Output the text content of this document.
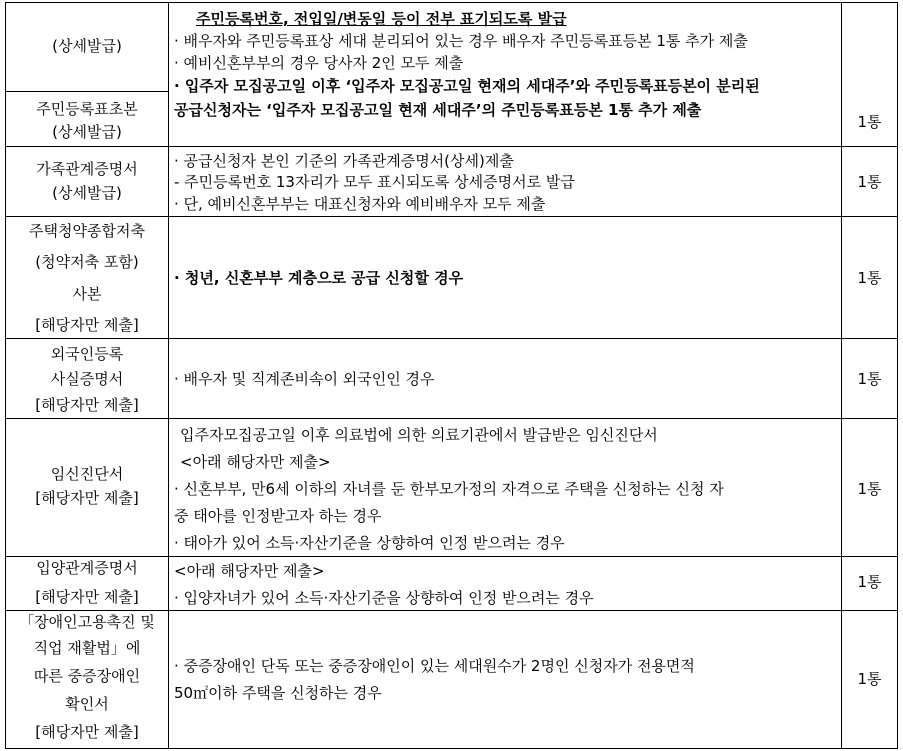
(상세발급)
주민등록번호, 전입일/변동일 등이 전부 표기되도록 발급
· 배우자와 주민등록표상 세대 분리되어 있는 경우 배우자 주민등록표등본 1통 추가 제출
· 예비신혼부부의 경우 당사자 2인 모두 제출
· 입주자 모집공고일 이후 ‘입주자 모집공고일 현재의 세대주’와 주민등록표등본이 분리된
공급신청자는 ‘입주자 모집공고일 현재 세대주’의 주민등록표등본 1통 추가 제출
주민등록표초본
(상세발급)
1통
가족관계증명서
(상세발급)
· 공급신청자 본인 기준의 가족관계증명서(상세)제출
- 주민등록번호 13자리가 모두 표시되도록 상세증명서로 발급
· 단, 예비신혼부부는 대표신청자와 예비배우자 모두 제출
1통
주택청약종합저축
(청약저축 포함)
사본
[해당자만 제출]
· 청년, 신혼부부 계층으로 공급 신청할 경우	1통
외국인등록
사실증명서
[해당자만 제출]
· 배우자 및 직계존비속이 외국인인 경우	1통
임신진단서
[해당자만 제출]
입주자모집공고일 이후 의료법에 의한 의료기관에서 발급받은 임신진단서
<아래 해당자만 제출>
· 신혼부부, 만6세 이하의 자녀를 둔 한부모가정의 자격으로 주택을 신청하는 신청 자
중 태아를 인정받고자 하는 경우
· 태아가 있어 소득·자산기준을 상향하여 인정 받으려는 경우
1통
입양관계증명서
[해당자만 제출]
<아래 해당자만 제출>
· 입양자녀가 있어 소득·자산기준을 상향하여 인정 받으려는 경우
1통
「장애인고용촉진 및
직업 재활법」에
따른 중증장애인
확인서
[해당자만 제출]
· 중증장애인 단독 또는 중증장애인이 있는 세대원수가 2명인 신청자가 전용면적
50㎡이하 주택을 신청하는 경우
1통
